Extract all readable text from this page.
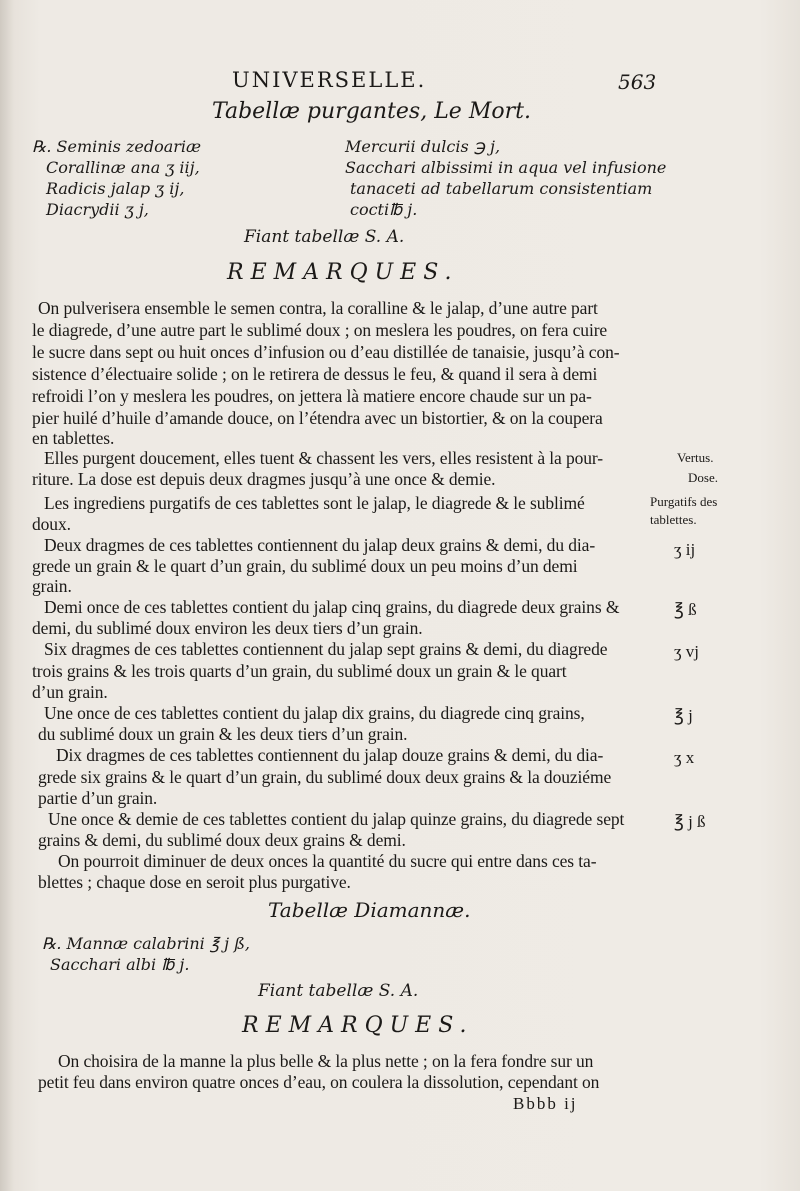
UNIVERSELLE.	563
Tabellæ purgantes, Le Mort.
℞. Seminis zedoariæ
Corallinæ ana ʒ iij,
Radicis jalap ʒ ij,
Diacrydii ʒ j,
Mercurii dulcis ℈ j,
Sacchari albissimi in aqua vel infusione
tanaceti ad tabellarum consistentiam
cocti℔ j.
Fiant tabellæ S. A.
REMARQUES.
On pulverisera ensemble le semen contra, la coralline & le jalap, d’une autre part
le diagrede, d’une autre part le sublimé doux ; on meslera les poudres, on fera cuire
le sucre dans sept ou huit onces d’infusion ou d’eau distillée de tanaisie, jusqu’à con-
sistence d’électuaire solide ; on le retirera de dessus le feu, & quand il sera à demi
refroidi l’on y meslera les poudres, on jettera là matiere encore chaude sur un pa-
pier huilé d’huile d’amande douce, on l’étendra avec un bistortier, & on la coupera
en tablettes.
Elles purgent doucement, elles tuent & chassent les vers, elles resistent à la pour-
riture. La dose est depuis deux dragmes jusqu’à une once & demie.
Les ingrediens purgatifs de ces tablettes sont le jalap, le diagrede & le sublimé
doux.
Deux dragmes de ces tablettes contiennent du jalap deux grains & demi, du dia-
grede un grain & le quart d’un grain, du sublimé doux un peu moins d’un demi
grain.
Demi once de ces tablettes contient du jalap cinq grains, du diagrede deux grains &
demi, du sublimé doux environ les deux tiers d’un grain.
Six dragmes de ces tablettes contiennent du jalap sept grains & demi, du diagrede
trois grains & les trois quarts d’un grain, du sublimé doux un grain & le quart
d’un grain.
Une once de ces tablettes contient du jalap dix grains, du diagrede cinq grains,
du sublimé doux un grain & les deux tiers d’un grain.
Dix dragmes de ces tablettes contiennent du jalap douze grains & demi, du dia-
grede six grains & le quart d’un grain, du sublimé doux deux grains & la douziéme
partie d’un grain.
Une once & demie de ces tablettes contient du jalap quinze grains, du diagrede sept
grains & demi, du sublimé doux deux grains & demi.
On pourroit diminuer de deux onces la quantité du sucre qui entre dans ces ta-
blettes ; chaque dose en seroit plus purgative.
Vertus.
Dose.
Purgatifs des
tablettes.
ʒ ij
℥ ß
ʒ vj
℥ j
ʒ x
℥ j ß
Tabellæ Diamannæ.
℞. Mannæ calabrini ℥ j ß,
Sacchari albi ℔ j.
Fiant tabellæ S. A.
REMARQUES.
On choisira de la manne la plus belle & la plus nette ; on la fera fondre sur un
petit feu dans environ quatre onces d’eau, on coulera la dissolution, cependant on
Bbbb ij
